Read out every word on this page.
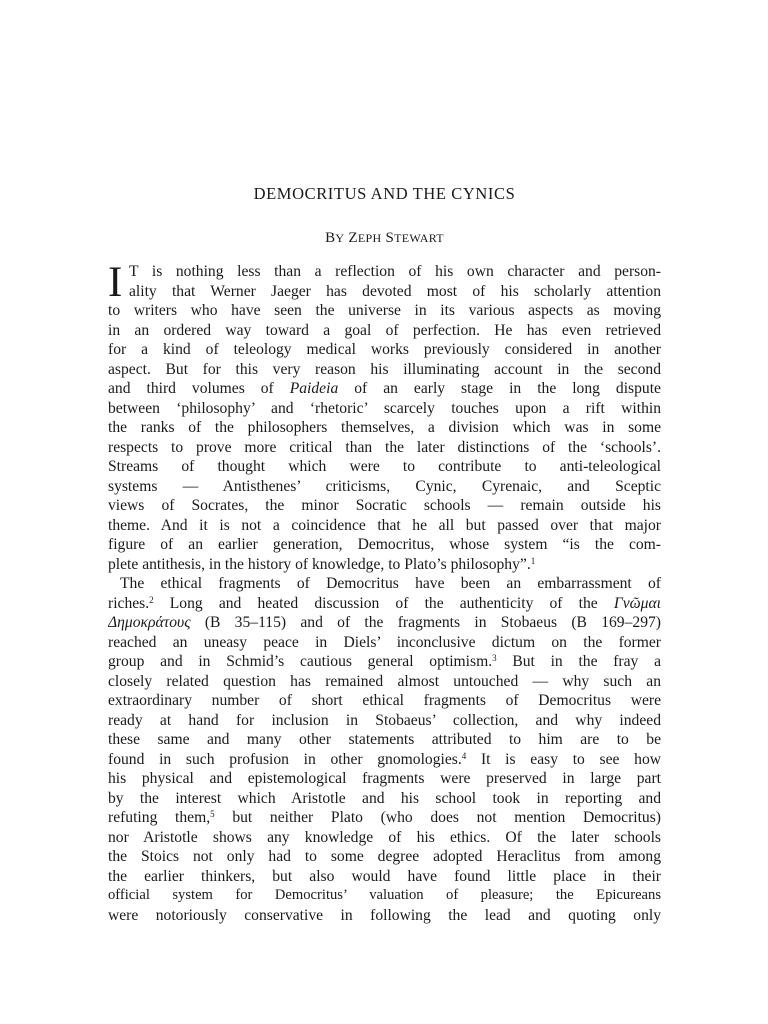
DEMOCRITUS AND THE CYNICS
BY ZEPH STEWART
I T is nothing less than a reflection of his own character and person-
ality that Werner Jaeger has devoted most of his scholarly attention
to writers who have seen the universe in its various aspects as moving
in an ordered way toward a goal of perfection. He has even retrieved
for a kind of teleology medical works previously considered in another
aspect. But for this very reason his illuminating account in the second
and third volumes of Paideia of an early stage in the long dispute
between ‘philosophy’ and ‘rhetoric’ scarcely touches upon a rift within
the ranks of the philosophers themselves, a division which was in some
respects to prove more critical than the later distinctions of the ‘schools’.
Streams of thought which were to contribute to anti-teleological
systems — Antisthenes’ criticisms, Cynic, Cyrenaic, and Sceptic
views of Socrates, the minor Socratic schools — remain outside his
theme. And it is not a coincidence that he all but passed over that major
figure of an earlier generation, Democritus, whose system “is the com-
plete antithesis, in the history of knowledge, to Plato’s philosophy”.$^1$
The ethical fragments of Democritus have been an embarrassment of
riches.$^2$ Long and heated discussion of the authenticity of the Γνῶμαι
Δημοκράτους (B 35–115) and of the fragments in Stobaeus (B 169–297)
reached an uneasy peace in Diels’ inconclusive dictum on the former
group and in Schmid’s cautious general optimism.$^3$ But in the fray a
closely related question has remained almost untouched — why such an
extraordinary number of short ethical fragments of Democritus were
ready at hand for inclusion in Stobaeus’ collection, and why indeed
these same and many other statements attributed to him are to be
found in such profusion in other gnomologies.$^4$ It is easy to see how
his physical and epistemological fragments were preserved in large part
by the interest which Aristotle and his school took in reporting and
refuting them,$^5$ but neither Plato (who does not mention Democritus)
nor Aristotle shows any knowledge of his ethics. Of the later schools
the Stoics not only had to some degree adopted Heraclitus from among
the earlier thinkers, but also would have found little place in their
official system for Democritus’ valuation of pleasure; the Epicureans
were notoriously conservative in following the lead and quoting only
